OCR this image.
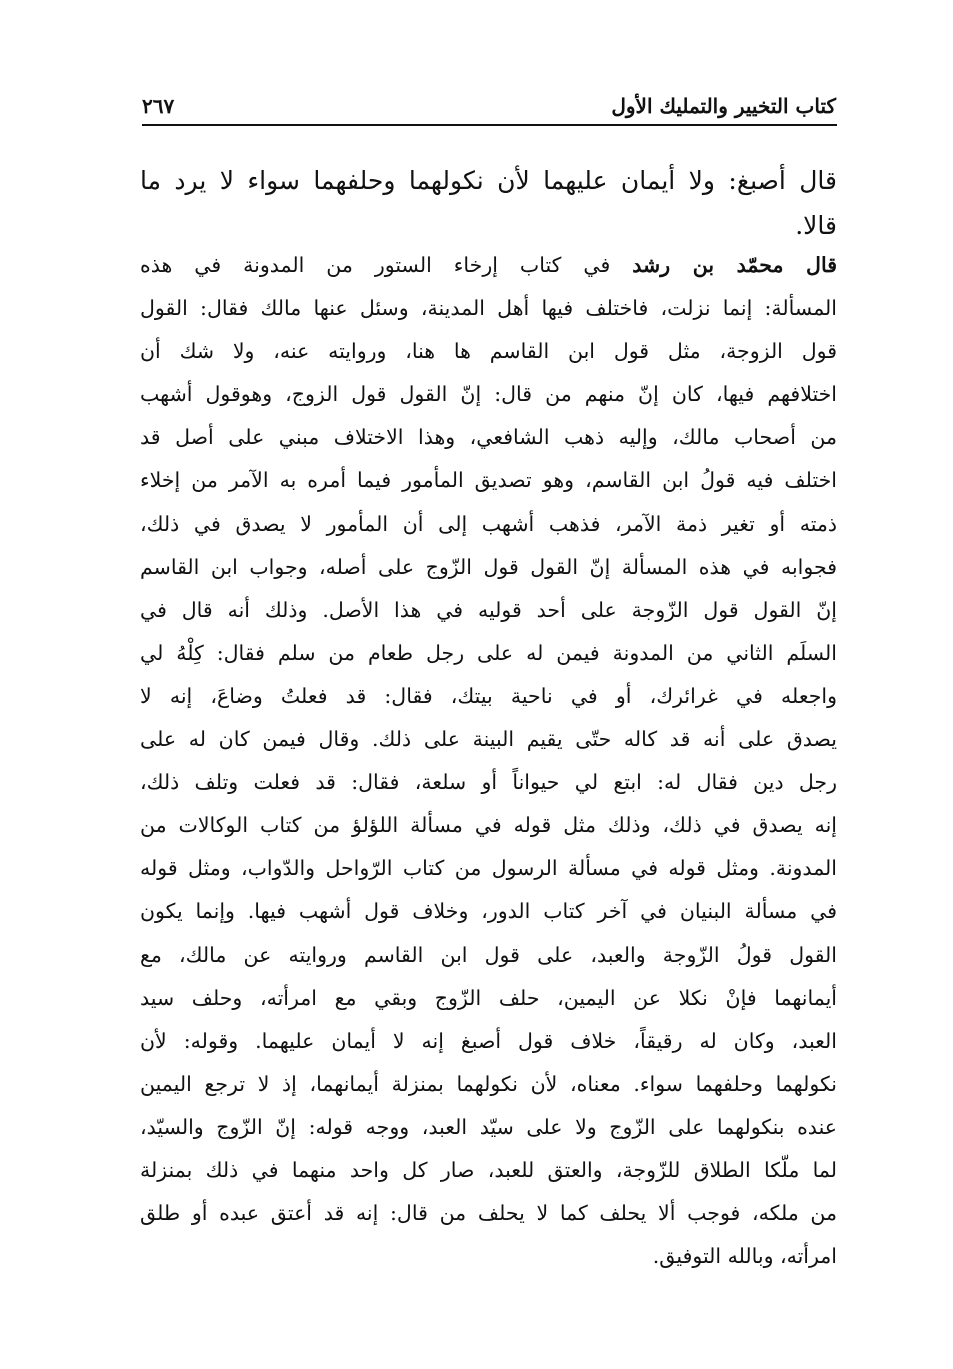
كتاب التخيير والتمليك الأول
٢٦٧
قال أصبغ: ولا أيمان عليهما لأن نكولهما وحلفهما سواء لا يرد ما
قالا.
قال محمّد بن رشد في كتاب إرخاء الستور من المدونة في هذه
المسألة: إنما نزلت، فاختلف فيها أهل المدينة، وسئل عنها مالك فقال: القول
قول الزوجة، مثل قول ابن القاسم ها هنا، وروايته عنه، ولا شك أن
اختلافهم فيها، كان إنّ منهم من قال: إنّ القول قول الزوج، وهوقول أشهب
من أصحاب مالك، وإليه ذهب الشافعي، وهذا الاختلاف مبني على أصل قد
اختلف فيه قولُ ابن القاسم، وهو تصديق المأمور فيما أمره به الآمر من إخلاء
ذمته أو تغير ذمة الآمر، فذهب أشهب إلى أن المأمور لا يصدق في ذلك،
فجوابه في هذه المسألة إنّ القول قول الزّوج على أصله، وجواب ابن القاسم
إنّ القول قول الزّوجة على أحد قوليه في هذا الأصل. وذلك أنه قال في
السلَم الثاني من المدونة فيمن له على رجل طعام من سلم فقال: كِلْهُ لي
واجعله في غرائرك، أو في ناحية بيتك، فقال: قد فعلتُ وضاعَ، إنه لا
يصدق على أنه قد كاله حتّى يقيم البينة على ذلك. وقال فيمن كان له على
رجل دين فقال له: ابتع لي حيواناً أو سلعة، فقال: قد فعلت وتلف ذلك،
إنه يصدق في ذلك، وذلك مثل قوله في مسألة اللؤلؤ من كتاب الوكالات من
المدونة. ومثل قوله في مسألة الرسول من كتاب الرّواحل والدّواب، ومثل قوله
في مسألة البنيان في آخر كتاب الدور، وخلاف قول أشهب فيها. وإنما يكون
القول قولُ الزّوجة والعبد، على قول ابن القاسم وروايته عن مالك، مع
أيمانهما فإنْ نكلا عن اليمين، حلف الزّوج وبقي مع امرأته، وحلف سيد
العبد، وكان له رقيقاً، خلاف قول أصبغ إنه لا أيمان عليهما. وقوله: لأن
نكولهما وحلفهما سواء. معناه، لأن نكولهما بمنزلة أيمانهما، إذ لا ترجع اليمين
عنده بنكولهما على الزّوج ولا على سيّد العبد، ووجه قوله: إنّ الزّوج والسيّد،
لما ملّكا الطلاق للزّوجة، والعتق للعبد، صار كل واحد منهما في ذلك بمنزلة
من ملكه، فوجب ألا يحلف كما لا يحلف من قال: إنه قد أعتق عبده أو طلق
امرأته، وبالله التوفيق.
